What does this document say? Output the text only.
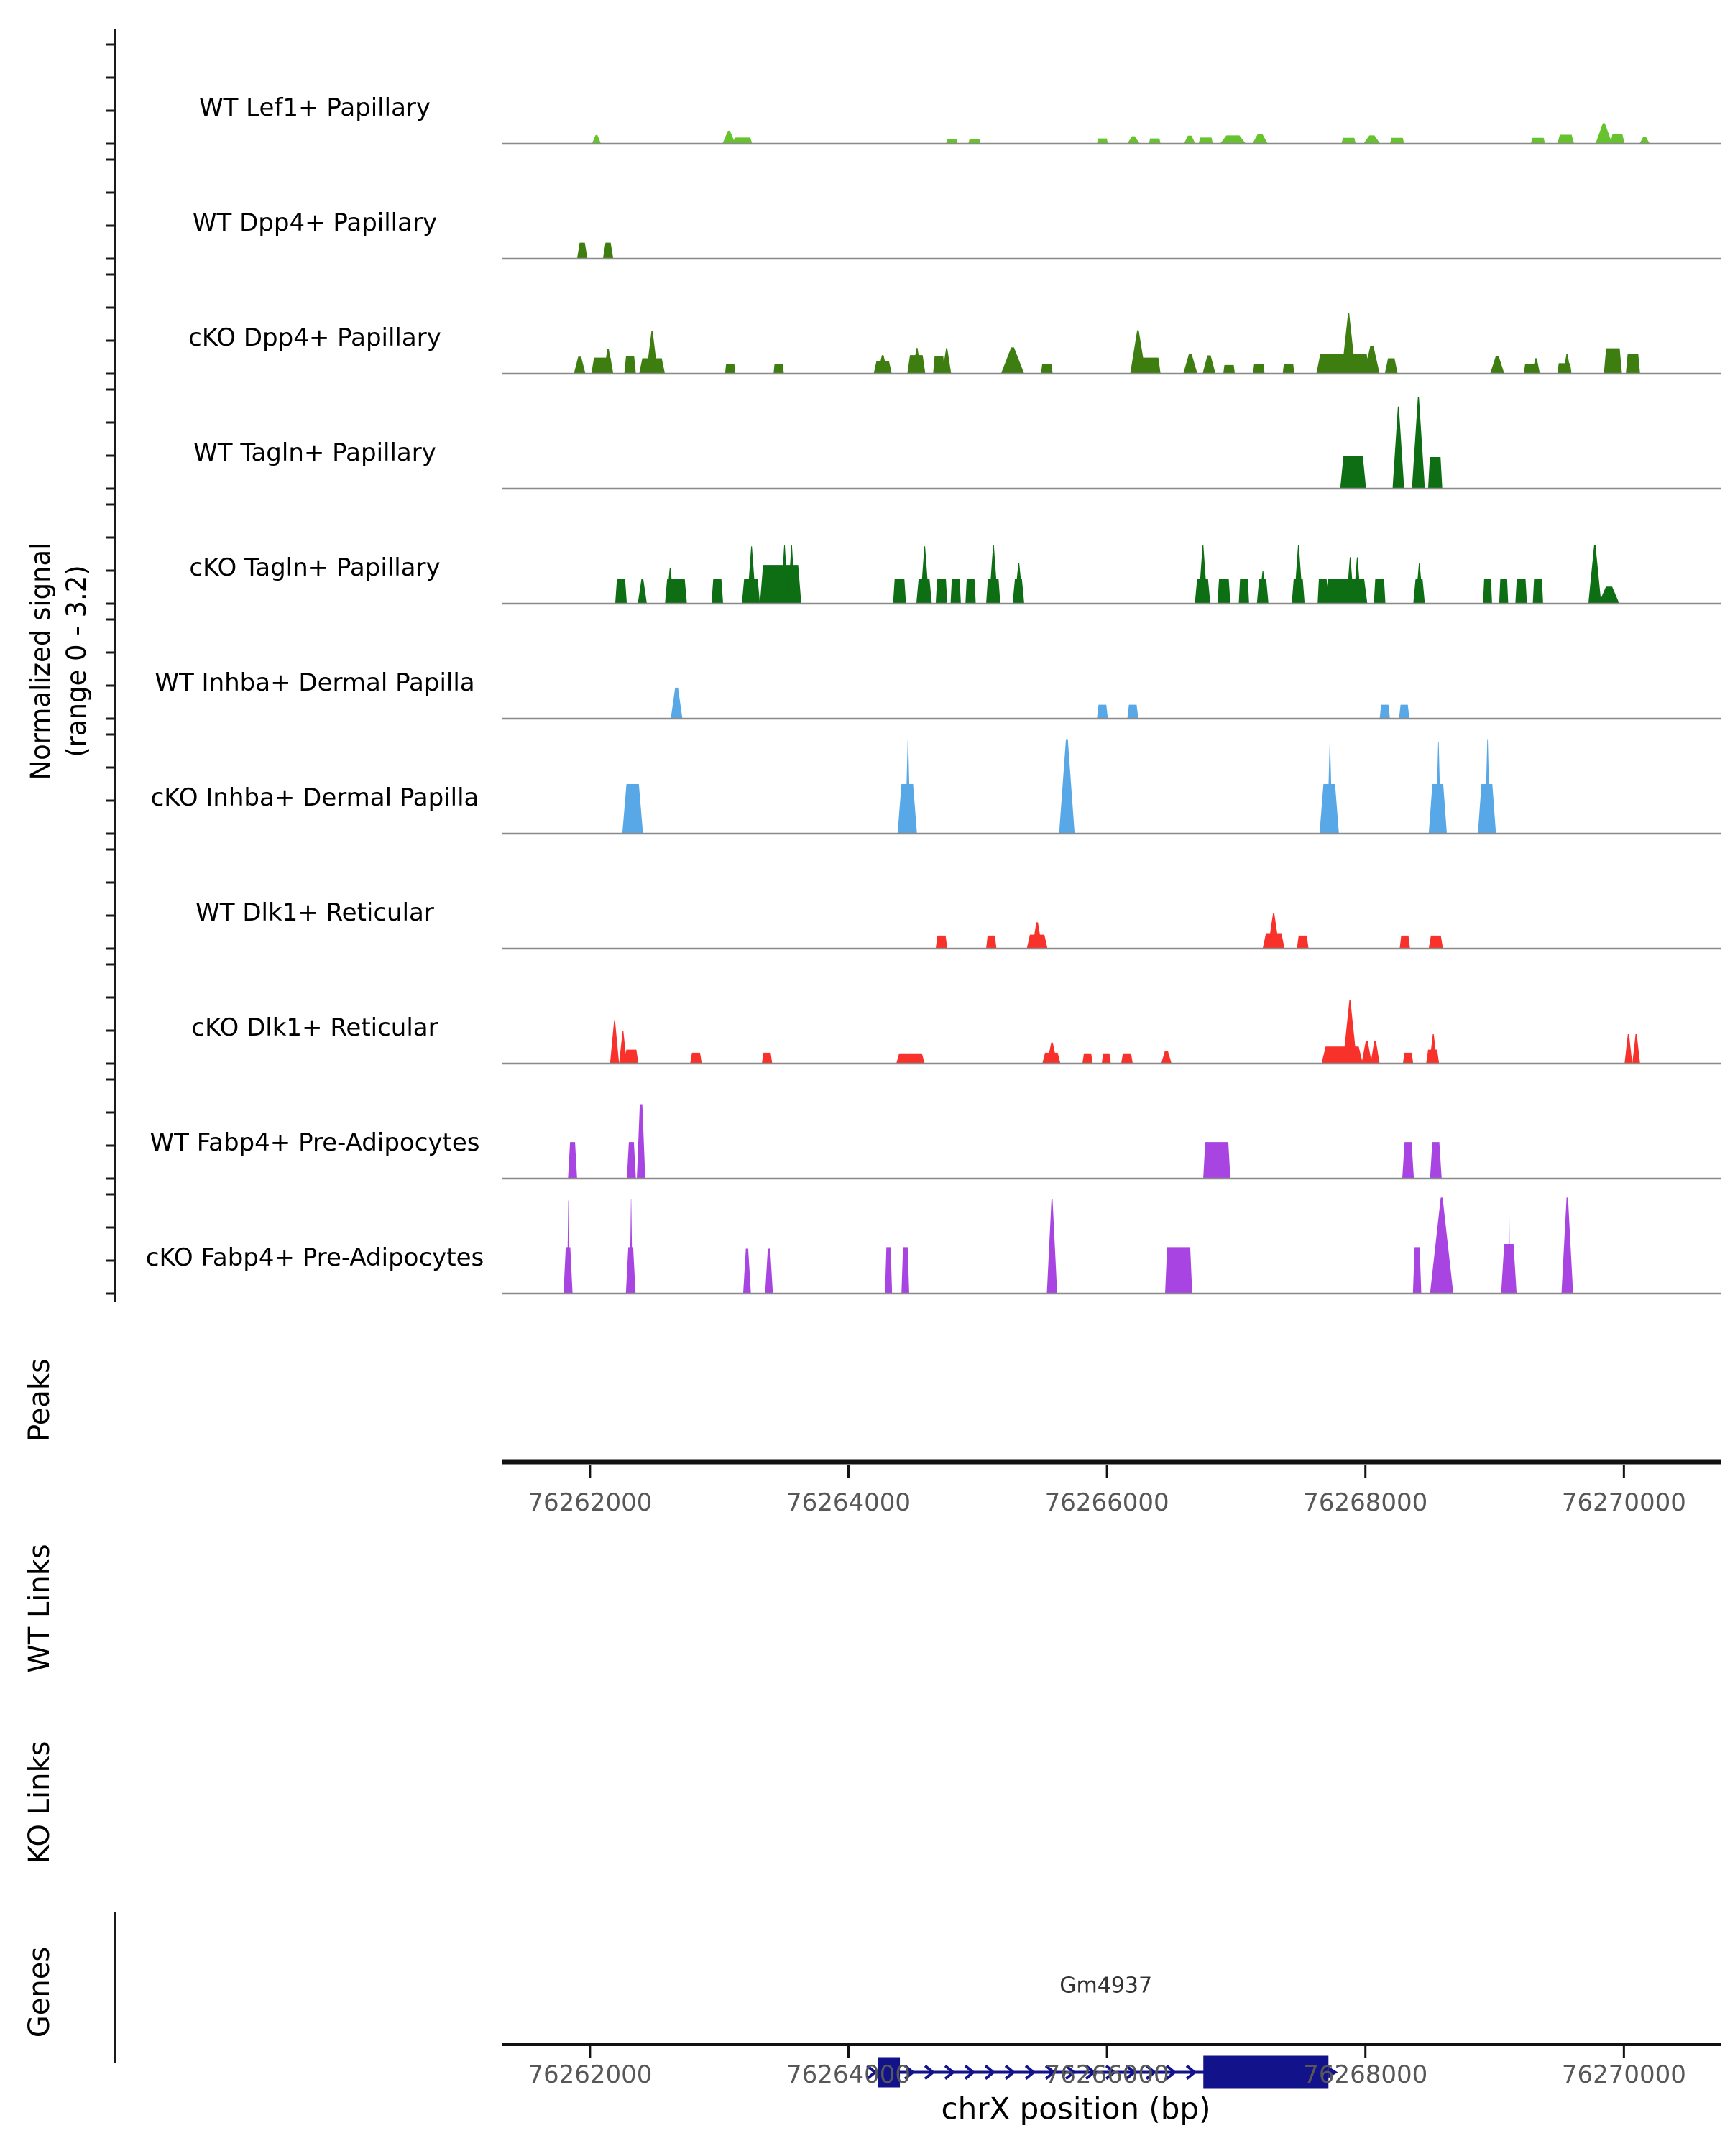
Normalized signal (range 0 - 3.2)
WT Lef1+ Papillary
WT Dpp4+ Papillary
cKO Dpp4+ Papillary
WT Tagln+ Papillary
cKO Tagln+ Papillary
WT Inhba+ Dermal Papilla
cKO Inhba+ Dermal Papilla
WT Dlk1+ Reticular
cKO Dlk1+ Reticular
WT Fabp4+ Pre-Adipocytes
cKO Fabp4+ Pre-Adipocytes
Peaks
WT Links
KO Links
Genes
76262000	76264000	76266000	76268000	76270000
Gm4937
76262000	76264000	76266000	76268000	76270000
chrX position (bp)
